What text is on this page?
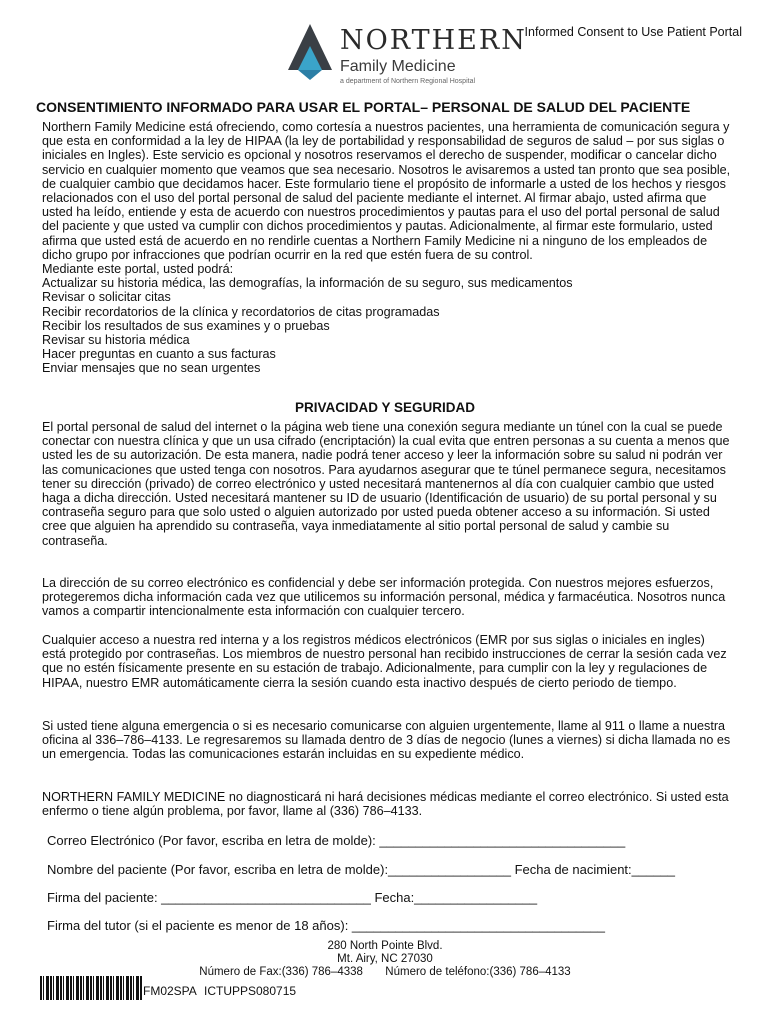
NORTHERN
Family Medicine
a department of Northern Regional Hospital
Informed Consent to Use Patient Portal
CONSENTIMIENTO INFORMADO PARA USAR EL PORTAL– PERSONAL DE SALUD DEL PACIENTE

Northern Family Medicine está ofreciendo, como cortesía a nuestros pacientes, una herramienta de comunicación segura y que esta en conformidad a la ley de HIPAA (la ley de portabilidad y responsabilidad de seguros de salud – por sus siglas o iniciales en Ingles). Este servicio es opcional y nosotros reservamos el derecho de suspender, modificar o cancelar dicho servicio en cualquier momento que veamos que sea necesario. Nosotros le avisaremos a usted tan pronto que sea posible, de cualquier cambio que decidamos hacer. Este formulario tiene el propósito de informarle a usted de los hechos y riesgos relacionados con el uso del portal personal de salud del paciente mediante el internet. Al firmar abajo, usted afirma que usted ha leído, entiende y esta de acuerdo con nuestros procedimientos y pautas para el uso del portal personal de salud del paciente y que usted va cumplir con dichos procedimientos y pautas. Adicionalmente, al firmar este formulario, usted afirma que usted está de acuerdo en no rendirle cuentas a Northern Family Medicine ni a ninguno de los empleados de dicho grupo por infracciones que podrían ocurrir en la red que estén fuera de su control.

Mediante este portal, usted podrá:

Actualizar su historia médica, las demografías, la información de su seguro, sus medicamentos
Revisar o solicitar citas
Recibir recordatorios de la clínica y recordatorios de citas programadas
Recibir los resultados de sus examines y o pruebas
Revisar su historia médica
Hacer preguntas en cuanto a sus facturas
Enviar mensajes que no sean urgentes
PRIVACIDAD Y SEGURIDAD

El portal personal de salud del internet o la página web tiene una conexión segura mediante un túnel con la cual se puede conectar con nuestra clínica y que un usa cifrado (encriptación) la cual evita que entren personas a su cuenta a menos que usted les de su autorización. De esta manera, nadie podrá tener acceso y leer la información sobre su salud ni podrán ver las comunicaciones que usted tenga con nosotros. Para ayudarnos asegurar que te túnel permanece segura, necesitamos tener su dirección (privado) de correo electrónico y usted necesitará mantenernos al día con cualquier cambio que usted haga a dicha dirección. Usted necesitará mantener su ID de usuario (Identificación de usuario) de su portal personal y su contraseña seguro para que solo usted o alguien autorizado por usted pueda obtener acceso a su información. Si usted cree que alguien ha aprendido su contraseña, vaya inmediatamente al sitio portal personal de salud y cambie su contraseña.

La dirección de su correo electrónico es confidencial y debe ser información protegida. Con nuestros mejores esfuerzos, protegeremos dicha información cada vez que utilicemos su información personal, médica y farmacéutica. Nosotros nunca vamos a compartir intencionalmente esta información con cualquier tercero.

Cualquier acceso a nuestra red interna y a los registros médicos electrónicos (EMR por sus siglas o iniciales en ingles) está protegido por contraseñas. Los miembros de nuestro personal han recibido instrucciones de cerrar la sesión cada vez que no estén físicamente presente en su estación de trabajo. Adicionalmente, para cumplir con la ley y regulaciones de HIPAA, nuestro EMR automáticamente cierra la sesión cuando esta inactivo después de cierto periodo de tiempo.

Si usted tiene alguna emergencia o si es necesario comunicarse con alguien urgentemente, llame al 911 o llame a nuestra oficina al 336–786–4133. Le regresaremos su llamada dentro de 3 días de negocio (lunes a viernes) si dicha llamada no es un emergencia. Todas las comunicaciones estarán incluidas en su expediente médico.

NORTHERN FAMILY MEDICINE no diagnosticará ni hará decisiones médicas mediante el correo electrónico. Si usted esta enfermo o tiene algún problema, por favor, llame al (336) 786–4133.

Correo Electrónico (Por favor, escriba en letra de molde): __________________________________
Nombre del paciente (Por favor, escriba en letra de molde):_________________ Fecha de nacimient:______
Firma del paciente: _____________________________ Fecha:_________________
Firma del tutor (si el paciente es menor de 18 años): ___________________________________
280 North Pointe Blvd.
Mt. Airy, NC 27030
Número de Fax:(336) 786–4338 Número de teléfono:(336) 786–4133
FM02SPA ICTUPPS080715
